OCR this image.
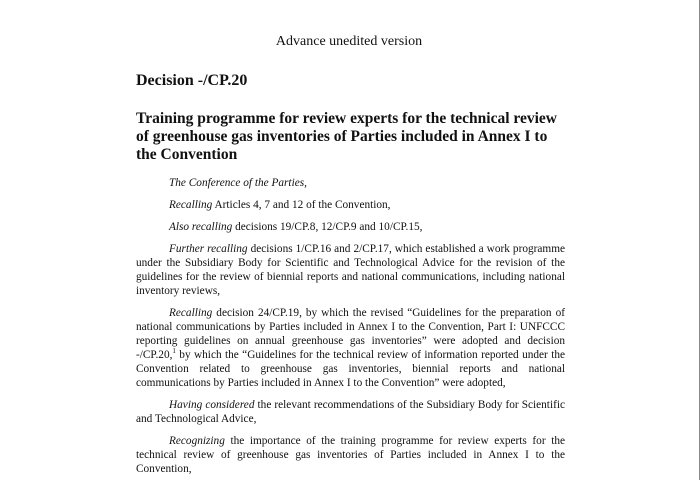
Advance unedited version
Decision -/CP.20
Training programme for review experts for the technical review of greenhouse gas inventories of Parties included in Annex I to the Convention

The Conference of the Parties,

Recalling Articles 4, 7 and 12 of the Convention,

Also recalling decisions 19/CP.8, 12/CP.9 and 10/CP.15,

Further recalling decisions 1/CP.16 and 2/CP.17, which established a work programme under the Subsidiary Body for Scientific and Technological Advice for the revision of the guidelines for the review of biennial reports and national communications, including national inventory reviews,

Recalling decision 24/CP.19, by which the revised “Guidelines for the preparation of national communications by Parties included in Annex I to the Convention, Part I: UNFCCC reporting guidelines on annual greenhouse gas inventories” were adopted and decision -/CP.20,$^1$ by which the “Guidelines for the technical review of information reported under the Convention related to greenhouse gas inventories, biennial reports and national communications by Parties included in Annex I to the Convention” were adopted,

Having considered the relevant recommendations of the Subsidiary Body for Scientific and Technological Advice,

Recognizing the importance of the training programme for review experts for the technical review of greenhouse gas inventories of Parties included in Annex I to the Convention,
